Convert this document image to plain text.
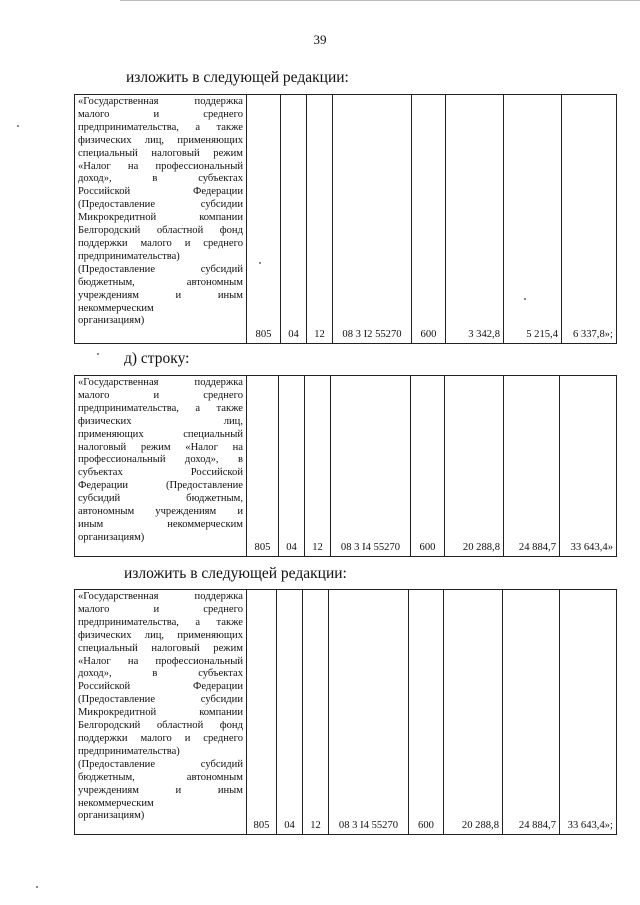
39
изложить в следующей редакции:
«Государственная поддержка
малого и среднего
предпринимательства, а также
физических лиц, применяющих
специальный налоговый режим
«Налог на профессиональный
доход», в субъектах
Российской Федерации
(Предоставление субсидии
Микрокредитной компании
Белгородский областной фонд
поддержки малого и среднего
предпринимательства)
(Предоставление субсидий
бюджетным, автономным
учреждениям и иным
некоммерческим
организациям)
	805	04	12	08 3 I2 55270	600	3 342,8	5 215,4	6 337,8»;
д) строку:
«Государственная поддержка
малого и среднего
предпринимательства, а также
физических лиц,
применяющих специальный
налоговый режим «Налог на
профессиональный доход», в
субъектах Российской
Федерации (Предоставление
субсидий бюджетным,
автономным учреждениям и
иным некоммерческим
организациям)
	805	04	12	08 3 I4 55270	600	20 288,8	24 884,7	33 643,4»
изложить в следующей редакции:
«Государственная поддержка
малого и среднего
предпринимательства, а также
физических лиц, применяющих
специальный налоговый режим
«Налог на профессиональный
доход», в субъектах
Российской Федерации
(Предоставление субсидии
Микрокредитной компании
Белгородский областной фонд
поддержки малого и среднего
предпринимательства)
(Предоставление субсидий
бюджетным, автономным
учреждениям и иным
некоммерческим
организациям)
	805	04	12	08 3 I4 55270	600	20 288,8	24 884,7	33 643,4»;
